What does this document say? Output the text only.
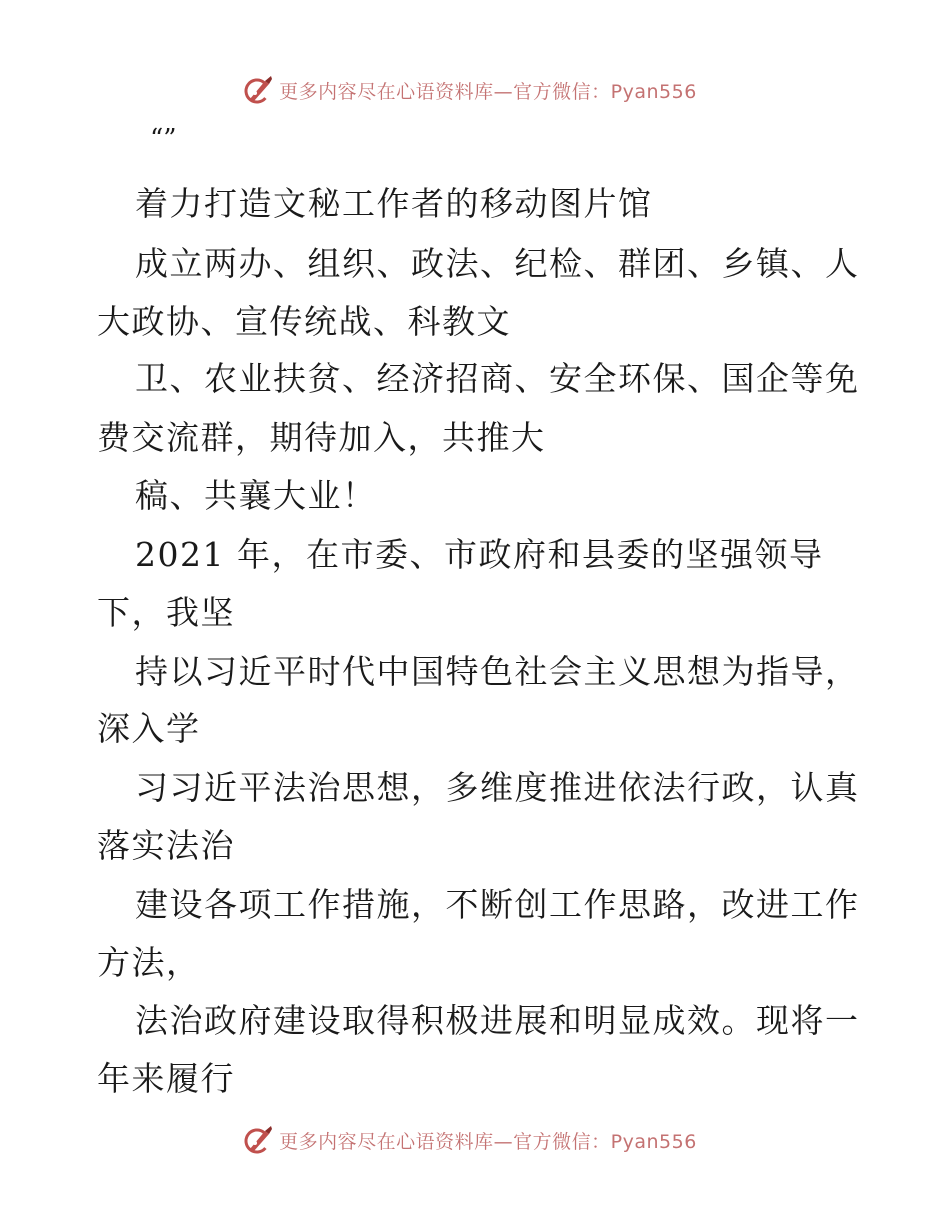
更多内容尽在心语资料库—官方微信：Pyan556
“”
着力打造文秘工作者的移动图片馆
成立两办、组织、政法、纪检、群团、乡镇、人
大政协、宣传统战、科教文
卫、农业扶贫、经济招商、安全环保、国企等免
费交流群，期待加入，共推大
稿、共襄大业！
2021 年，在市委、市政府和县委的坚强领导
下，我坚
持以习近平时代中国特色社会主义思想为指导，
深入学
习习近平法治思想，多维度推进依法行政，认真
落实法治
建设各项工作措施，不断创工作思路，改进工作
方法，
法治政府建设取得积极进展和明显成效。现将一
年来履行
更多内容尽在心语资料库—官方微信：Pyan556
